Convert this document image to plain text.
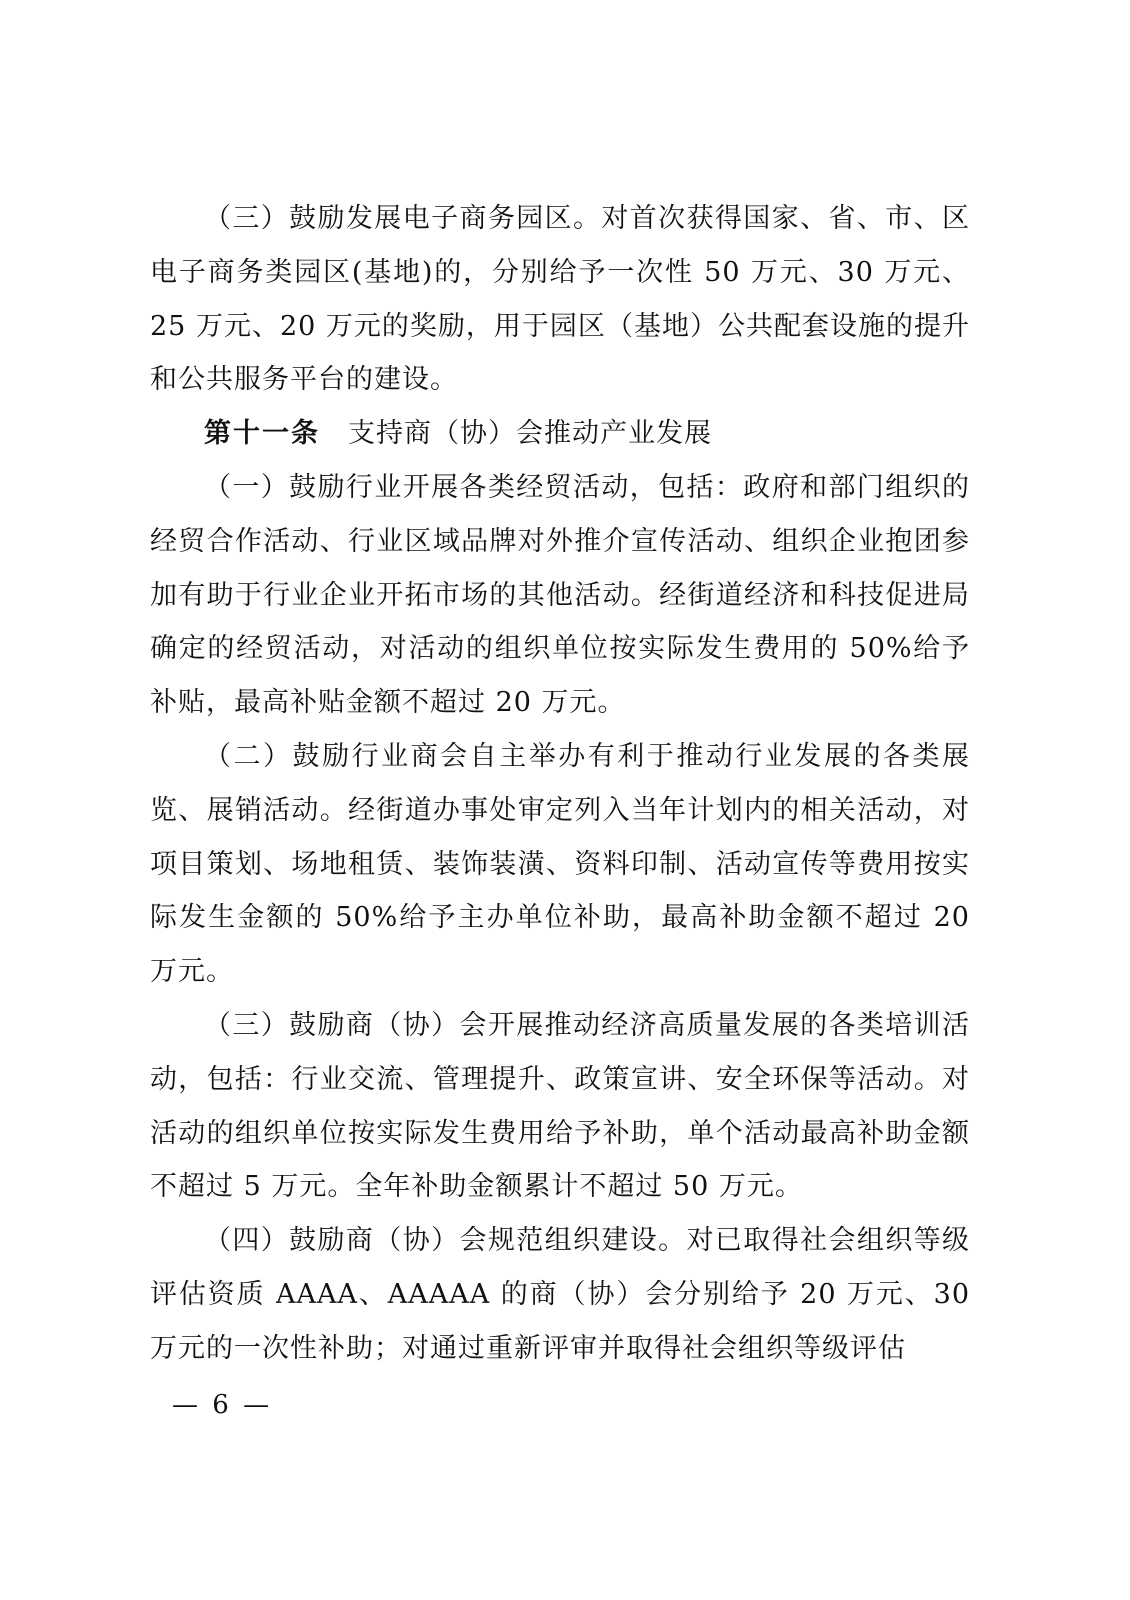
（三）鼓励发展电子商务园区。对首次获得国家、省、市、区电子商务类园区(基地)的，分别给予一次性 50 万元、30 万元、25 万元、20 万元的奖励，用于园区（基地）公共配套设施的提升和公共服务平台的建设。

第十一条 支持商（协）会推动产业发展

（一）鼓励行业开展各类经贸活动，包括：政府和部门组织的经贸合作活动、行业区域品牌对外推介宣传活动、组织企业抱团参加有助于行业企业开拓市场的其他活动。经街道经济和科技促进局确定的经贸活动，对活动的组织单位按实际发生费用的 50%给予补贴，最高补贴金额不超过 20 万元。

（二）鼓励行业商会自主举办有利于推动行业发展的各类展览、展销活动。经街道办事处审定列入当年计划内的相关活动，对项目策划、场地租赁、装饰装潢、资料印制、活动宣传等费用按实际发生金额的 50%给予主办单位补助，最高补助金额不超过 20 万元。

（三）鼓励商（协）会开展推动经济高质量发展的各类培训活动，包括：行业交流、管理提升、政策宣讲、安全环保等活动。对活动的组织单位按实际发生费用给予补助，单个活动最高补助金额不超过 5 万元。全年补助金额累计不超过 50 万元。

（四）鼓励商（协）会规范组织建设。对已取得社会组织等级评估资质 AAAA、AAAAA 的商（协）会分别给予 20 万元、30 万元的一次性补助；对通过重新评审并取得社会组织等级评估

— 6 —
